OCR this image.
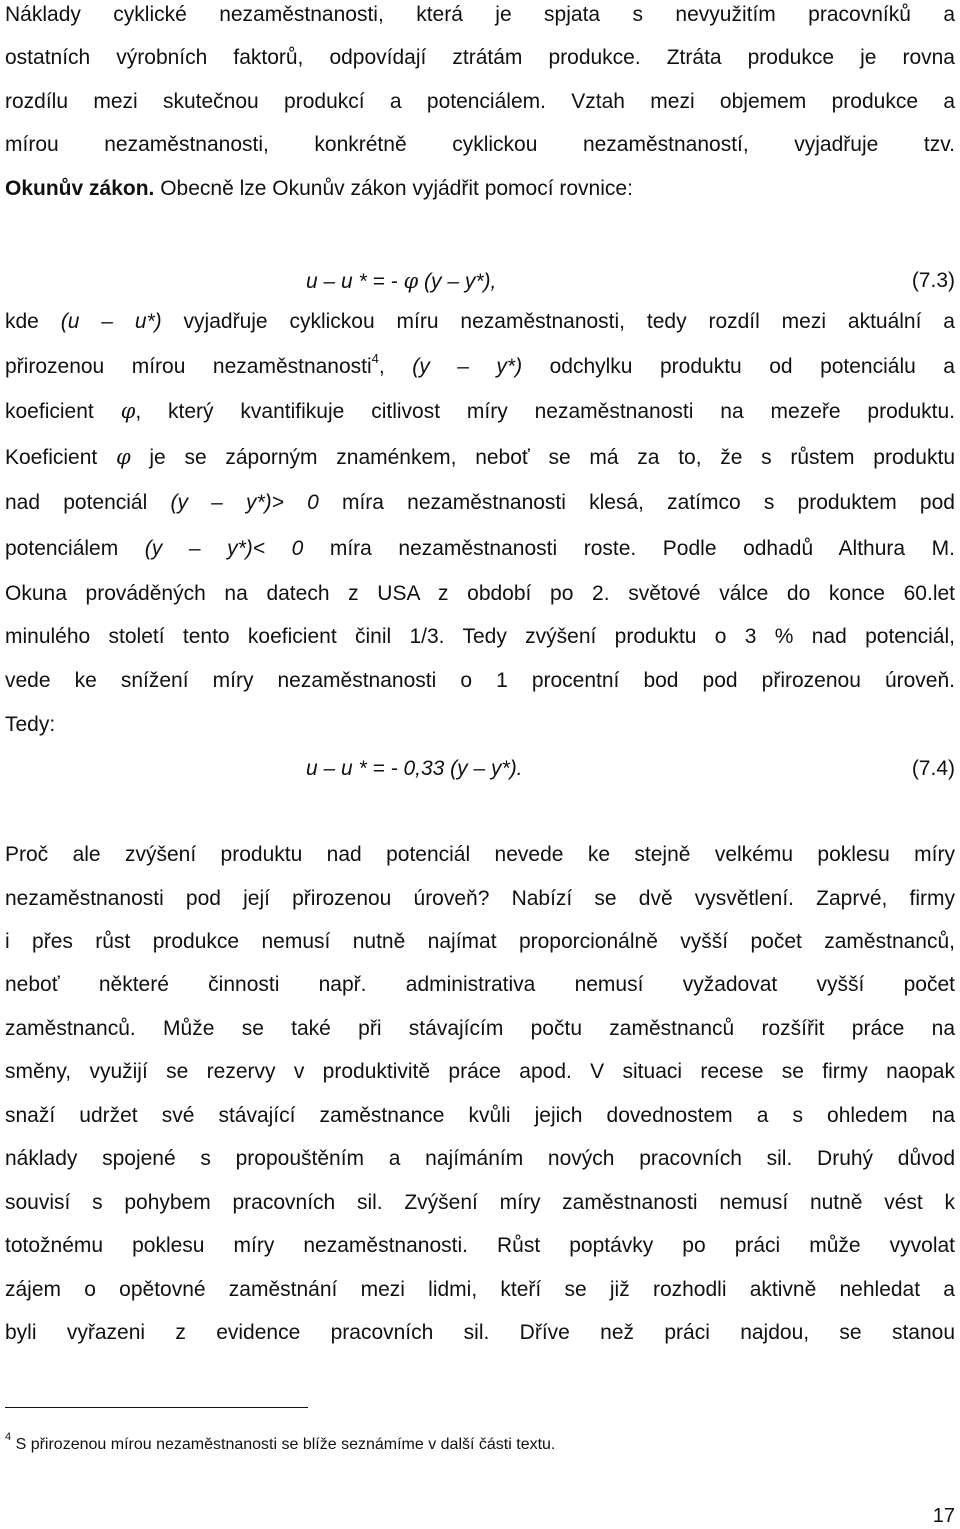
Náklady cyklické nezaměstnanosti, která je spjata s nevyužitím pracovníků a
ostatních výrobních faktorů, odpovídají ztrátám produkce. Ztráta produkce je rovna
rozdílu mezi skutečnou produkcí a potenciálem. Vztah mezi objemem produkce a
mírou nezaměstnanosti, konkrétně cyklickou nezaměstnaností, vyjadřuje tzv.
Okunův zákon. Obecně lze Okunův zákon vyjádřit pomocí rovnice:
u – u * = - φ (y – y*),	(7.3)
kde (u – u*) vyjadřuje cyklickou míru nezaměstnanosti, tedy rozdíl mezi aktuální a
přirozenou mírou nezaměstnanosti$^4$, (y – y*) odchylku produktu od potenciálu a
koeficient φ, který kvantifikuje citlivost míry nezaměstnanosti na mezeře produktu.
Koeficient φ je se záporným znaménkem, neboť se má za to, že s růstem produktu
nad potenciál (y – y*)> 0 míra nezaměstnanosti klesá, zatímco s produktem pod
potenciálem (y – y*)< 0 míra nezaměstnanosti roste. Podle odhadů Althura M.
Okuna prováděných na datech z USA z období po 2. světové válce do konce 60.let
minulého století tento koeficient činil 1/3. Tedy zvýšení produktu o 3 % nad potenciál,
vede ke snížení míry nezaměstnanosti o 1 procentní bod pod přirozenou úroveň.
Tedy:
u – u * = - 0,33 (y – y*).	(7.4)
Proč ale zvýšení produktu nad potenciál nevede ke stejně velkému poklesu míry
nezaměstnanosti pod její přirozenou úroveň? Nabízí se dvě vysvětlení. Zaprvé, firmy
i přes růst produkce nemusí nutně najímat proporcionálně vyšší počet zaměstnanců,
neboť některé činnosti např. administrativa nemusí vyžadovat vyšší počet
zaměstnanců. Může se také při stávajícím počtu zaměstnanců rozšířit práce na
směny, využijí se rezervy v produktivitě práce apod. V situaci recese se firmy naopak
snaží udržet své stávající zaměstnance kvůli jejich dovednostem a s ohledem na
náklady spojené s propouštěním a najímáním nových pracovních sil. Druhý důvod
souvisí s pohybem pracovních sil. Zvýšení míry zaměstnanosti nemusí nutně vést k
totožnému poklesu míry nezaměstnanosti. Růst poptávky po práci může vyvolat
zájem o opětovné zaměstnání mezi lidmi, kteří se již rozhodli aktivně nehledat a
byli vyřazeni z evidence pracovních sil. Dříve než práci najdou, se stanou
$^4$ S přirozenou mírou nezaměstnanosti se blíže seznámíme v další části textu.
17
